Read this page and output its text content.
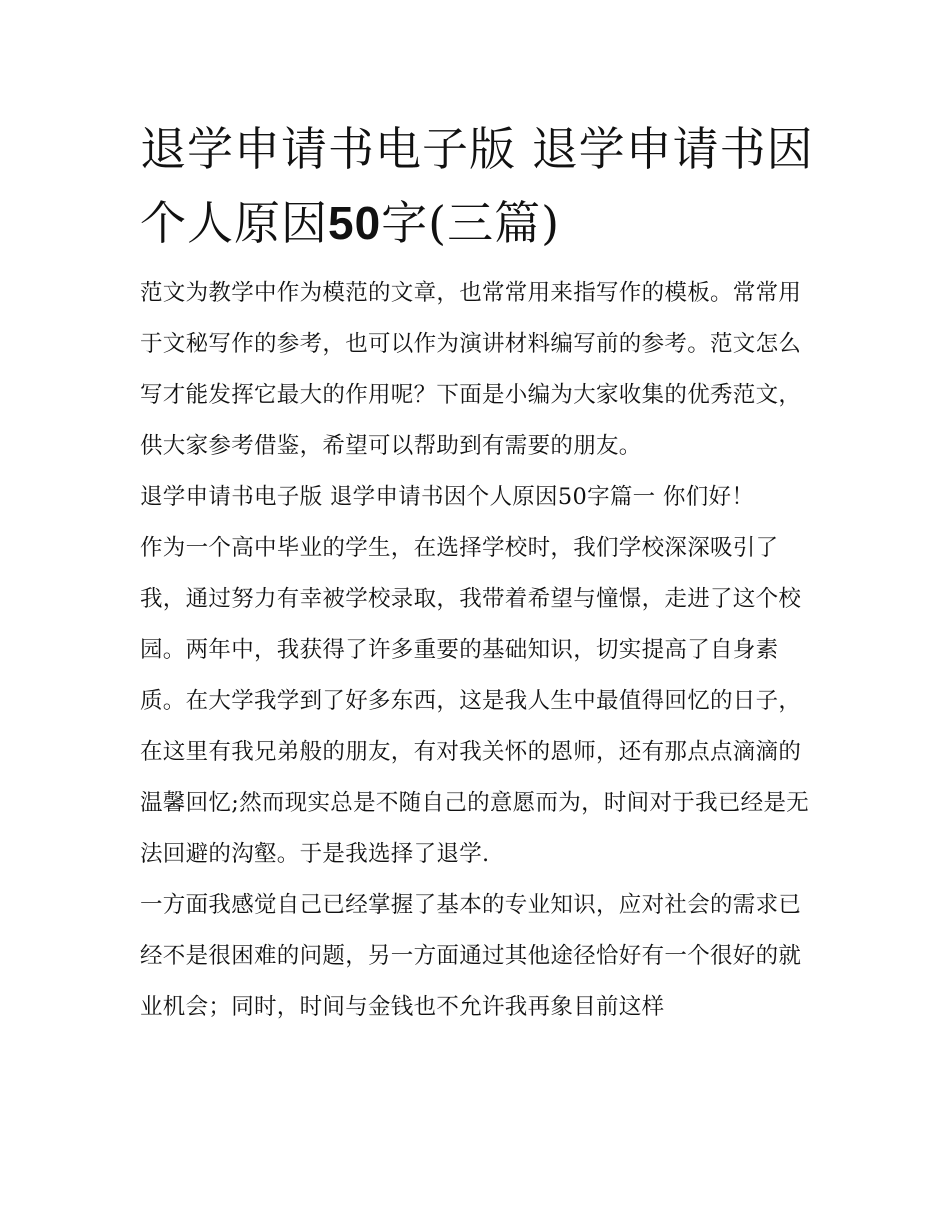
退学申请书电子版 退学申请书因个人原因50字(三篇)

范文为教学中作为模范的文章，也常常用来指写作的模板。常常用于文秘写作的参考，也可以作为演讲材料编写前的参考。范文怎么写才能发挥它最大的作用呢？下面是小编为大家收集的优秀范文，供大家参考借鉴，希望可以帮助到有需要的朋友。

退学申请书电子版 退学申请书因个人原因50字篇一 你们好！

作为一个高中毕业的学生，在选择学校时，我们学校深深吸引了我，通过努力有幸被学校录取，我带着希望与憧憬，走进了这个校园。两年中，我获得了许多重要的基础知识，切实提高了自身素质。在大学我学到了好多东西，这是我人生中最值得回忆的日子，在这里有我兄弟般的朋友，有对我关怀的恩师，还有那点点滴滴的温馨回忆;然而现实总是不随自己的意愿而为，时间对于我已经是无法回避的沟壑。于是我选择了退学.

一方面我感觉自己已经掌握了基本的专业知识，应对社会的需求已经不是很困难的问题，另一方面通过其他途径恰好有一个很好的就业机会；同时，时间与金钱也不允许我再象目前这样
